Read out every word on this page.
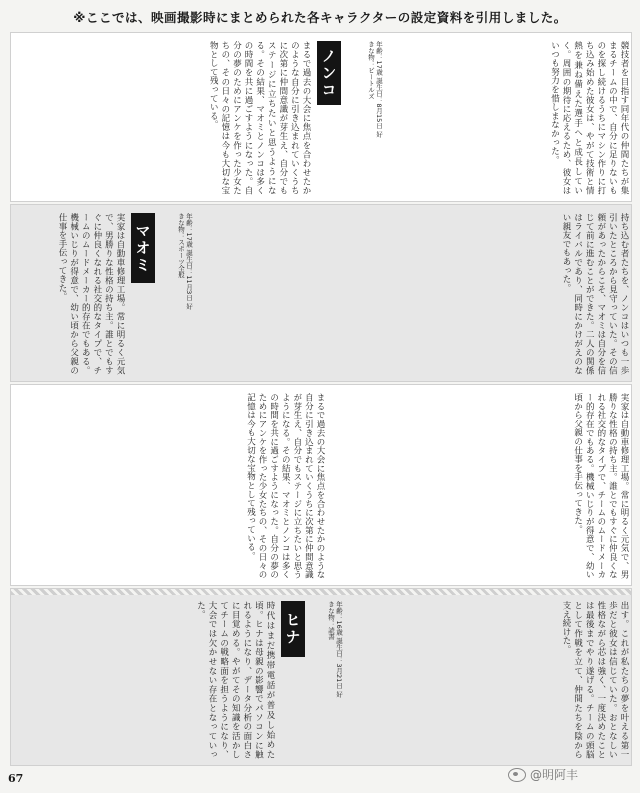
※ここでは、映画撮影時にまとめられた各キャラクターの設定資料を引用しました。
競技者を目指す同年代の仲間たちが集まるチームの中で、自分に足りないものを探し続けるうちにマシン作りに打ち込み始めた彼女は、やがて技術と情熱を兼ね備えた選手へと成長していく。周囲の期待に応えるため、彼女はいつも努力を惜しまなかった。
年齢：17歳 誕生日：8月15日 好きな物：ビートルズ
ノンコ
まるで過去の大会に焦点を合わせたかのような自分に引き込まれていくうちに次第に仲間意識が芽生え、自分でもステージに立ちたいと思うようになる。その結果、マオミとノンコは多くの時間を共に過ごすようになった。自分の夢のためにアンケを作った少女たちの、その日々の記憶は今も大切な宝物として残っている。
持ち込む者たちを、ノンコはいつも一歩引いたところから見守っていた。その信頼があったからこそ、マオミは自分を信じて前に進むことができた。二人の関係はライバルであり、同時にかけがえのない親友でもあった。
年齢：17歳 誕生日：11月3日 好きな物：スポーツ全般
マオミ
実家は自動車修理工場。常に明るく元気で、男勝りな性格の持ち主。誰とでもすぐに仲良くなれる社交的なタイプで、チームのムードメーカー的存在でもある。機械いじりが得意で、幼い頃から父親の仕事を手伝ってきた。
実家は自動車修理工場。常に明るく元気で、男勝りな性格の持ち主。誰とでもすぐに仲良くなれる社交的なタイプで、チームのムードメーカー的存在でもある。機械いじりが得意で、幼い頃から父親の仕事を手伝ってきた。
まるで過去の大会に焦点を合わせたかのような自分に引き込まれていくうちに次第に仲間意識が芽生え、自分でもステージに立ちたいと思うようになる。その結果、マオミとノンコは多くの時間を共に過ごすようになった。自分の夢のためにアンケを作った少女たちの、その日々の記憶は今も大切な宝物として残っている。
出す。これが私たちの夢を叶える第一歩だと彼女は信じていた。おとなしい性格ながら芯は強く、一度決めたことは最後までやり遂げる。チームの頭脳として作戦を立て、仲間たちを陰から支え続けた。
年齢：16歳 誕生日：3月21日 好きな物：読書
ヒナ
時代はまだ携帯電話が普及し始めた頃。ヒナは母親の影響でパソコンに触れるようになり、データ分析の面白さに目覚める。やがてその知識を活かしてチームの戦略面を担うようになり、大会では欠かせない存在となっていった。
67	@明阿丰
